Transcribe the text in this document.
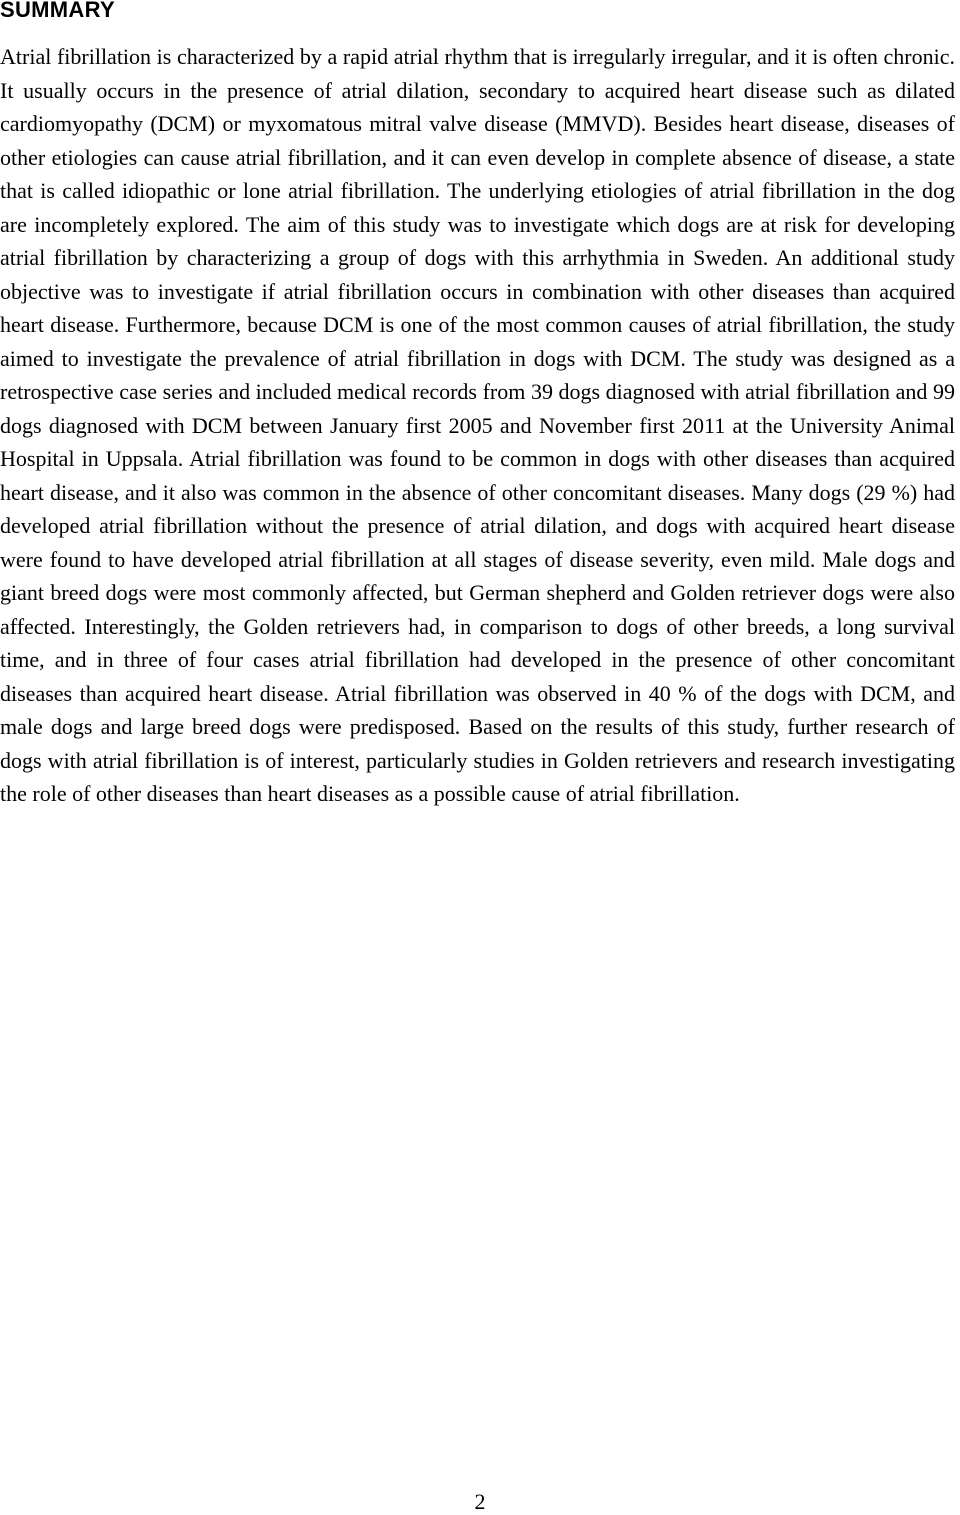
SUMMARY

Atrial fibrillation is characterized by a rapid atrial rhythm that is irregularly irregular, and it is often chronic. It usually occurs in the presence of atrial dilation, secondary to acquired heart disease such as dilated cardiomyopathy (DCM) or myxomatous mitral valve disease (MMVD). Besides heart disease, diseases of other etiologies can cause atrial fibrillation, and it can even develop in complete absence of disease, a state that is called idiopathic or lone atrial fibrillation. The underlying etiologies of atrial fibrillation in the dog are incompletely explored. The aim of this study was to investigate which dogs are at risk for developing atrial fibrillation by characterizing a group of dogs with this arrhythmia in Sweden. An additional study objective was to investigate if atrial fibrillation occurs in combination with other diseases than acquired heart disease. Furthermore, because DCM is one of the most common causes of atrial fibrillation, the study aimed to investigate the prevalence of atrial fibrillation in dogs with DCM. The study was designed as a retrospective case series and included medical records from 39 dogs diagnosed with atrial fibrillation and 99 dogs diagnosed with DCM between January first 2005 and November first 2011 at the University Animal Hospital in Uppsala. Atrial fibrillation was found to be common in dogs with other diseases than acquired heart disease, and it also was common in the absence of other concomitant diseases. Many dogs (29 %) had developed atrial fibrillation without the presence of atrial dilation, and dogs with acquired heart disease were found to have developed atrial fibrillation at all stages of disease severity, even mild. Male dogs and giant breed dogs were most commonly affected, but German shepherd and Golden retriever dogs were also affected. Interestingly, the Golden retrievers had, in comparison to dogs of other breeds, a long survival time, and in three of four cases atrial fibrillation had developed in the presence of other concomitant diseases than acquired heart disease. Atrial fibrillation was observed in 40 % of the dogs with DCM, and male dogs and large breed dogs were predisposed. Based on the results of this study, further research of dogs with atrial fibrillation is of interest, particularly studies in Golden retrievers and research investigating the role of other diseases than heart diseases as a possible cause of atrial fibrillation.

2
